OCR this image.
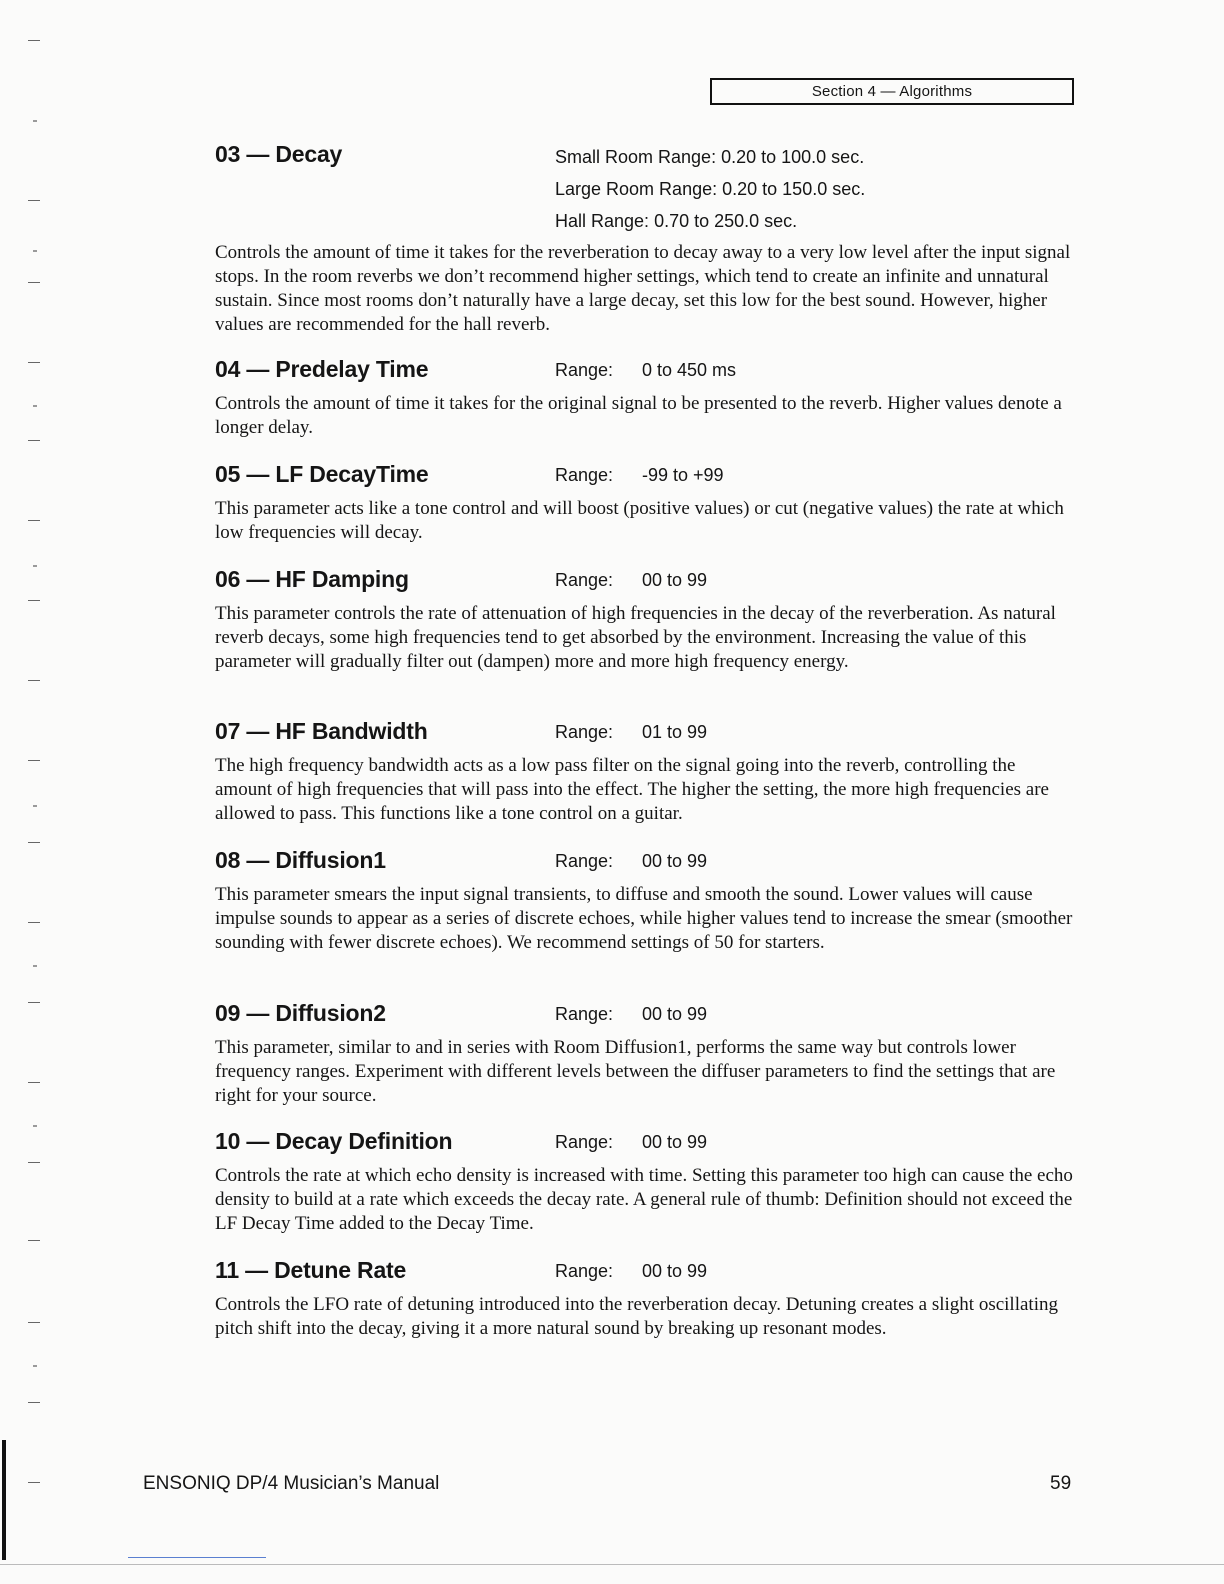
Section 4 — Algorithms
03 — Decay	Small Room Range: 0.20 to 100.0 sec.
Large Room Range: 0.20 to 150.0 sec.
Hall Range: 0.70 to 250.0 sec.
Controls the amount of time it takes for the reverberation to decay away to a very low level after the input signal stops. In the room reverbs we don’t recommend higher settings, which tend to create an infinite and unnatural sustain. Since most rooms don’t naturally have a large decay, set this low for the best sound. However, higher values are recommended for the hall reverb.
04 — Predelay Time	Range: 0 to 450 ms
Controls the amount of time it takes for the original signal to be presented to the reverb. Higher values denote a longer delay.
05 — LF DecayTime	Range: -99 to +99
This parameter acts like a tone control and will boost (positive values) or cut (negative values) the rate at which low frequencies will decay.
06 — HF Damping	Range: 00 to 99
This parameter controls the rate of attenuation of high frequencies in the decay of the reverberation. As natural reverb decays, some high frequencies tend to get absorbed by the environment. Increasing the value of this parameter will gradually filter out (dampen) more and more high frequency energy.
07 — HF Bandwidth	Range: 01 to 99
The high frequency bandwidth acts as a low pass filter on the signal going into the reverb, controlling the amount of high frequencies that will pass into the effect. The higher the setting, the more high frequencies are allowed to pass. This functions like a tone control on a guitar.
08 — Diffusion1	Range: 00 to 99
This parameter smears the input signal transients, to diffuse and smooth the sound. Lower values will cause impulse sounds to appear as a series of discrete echoes, while higher values tend to increase the smear (smoother sounding with fewer discrete echoes). We recommend settings of 50 for starters.
09 — Diffusion2	Range: 00 to 99
This parameter, similar to and in series with Room Diffusion1, performs the same way but controls lower frequency ranges. Experiment with different levels between the diffuser parameters to find the settings that are right for your source.
10 — Decay Definition	Range: 00 to 99
Controls the rate at which echo density is increased with time. Setting this parameter too high can cause the echo density to build at a rate which exceeds the decay rate. A general rule of thumb: Definition should not exceed the LF Decay Time added to the Decay Time.
11 — Detune Rate	Range: 00 to 99
Controls the LFO rate of detuning introduced into the reverberation decay. Detuning creates a slight oscillating pitch shift into the decay, giving it a more natural sound by breaking up resonant modes.
ENSONIQ DP/4 Musician’s Manual	59
